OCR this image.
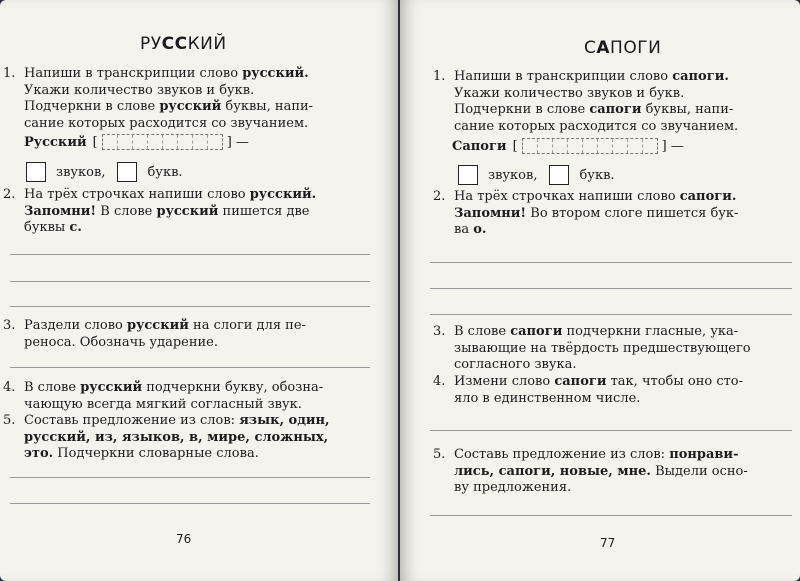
РУССКИЙ
1. Напиши в транскрипции слово русский.

Укажи количество звуков и букв.

Подчеркни в слове русский буквы, напи-

сание которых расходится со звучанием.

Русский [	] —
звуков,	букв.
2. На трёх строчках напиши слово русский.

Запомни! В слове русский пишется две

буквы с.

3. Раздели слово русский на слоги для пе-

реноса. Обозначь ударение.

4. В слове русский подчеркни букву, обозна-

чающую всегда мягкий согласный звук.

5. Составь предложение из слов: язык, один,

русский, из, языков, в, мире, сложных,

это. Подчеркни словарные слова.

76
САПОГИ
1. Напиши в транскрипции слово сапоги.

Укажи количество звуков и букв.

Подчеркни в слове сапоги буквы, напи-

сание которых расходится со звучанием.

Сапоги [	] —
звуков,	букв.
2. На трёх строчках напиши слово сапоги.

Запомни! Во втором слоге пишется бук-

ва о.

3. В слове сапоги подчеркни гласные, ука-

зывающие на твёрдость предшествующего

согласного звука.

4. Измени слово сапоги так, чтобы оно сто-

яло в единственном числе.

5. Составь предложение из слов: понрави-

лись, сапоги, новые, мне. Выдели осно-

ву предложения.

77
